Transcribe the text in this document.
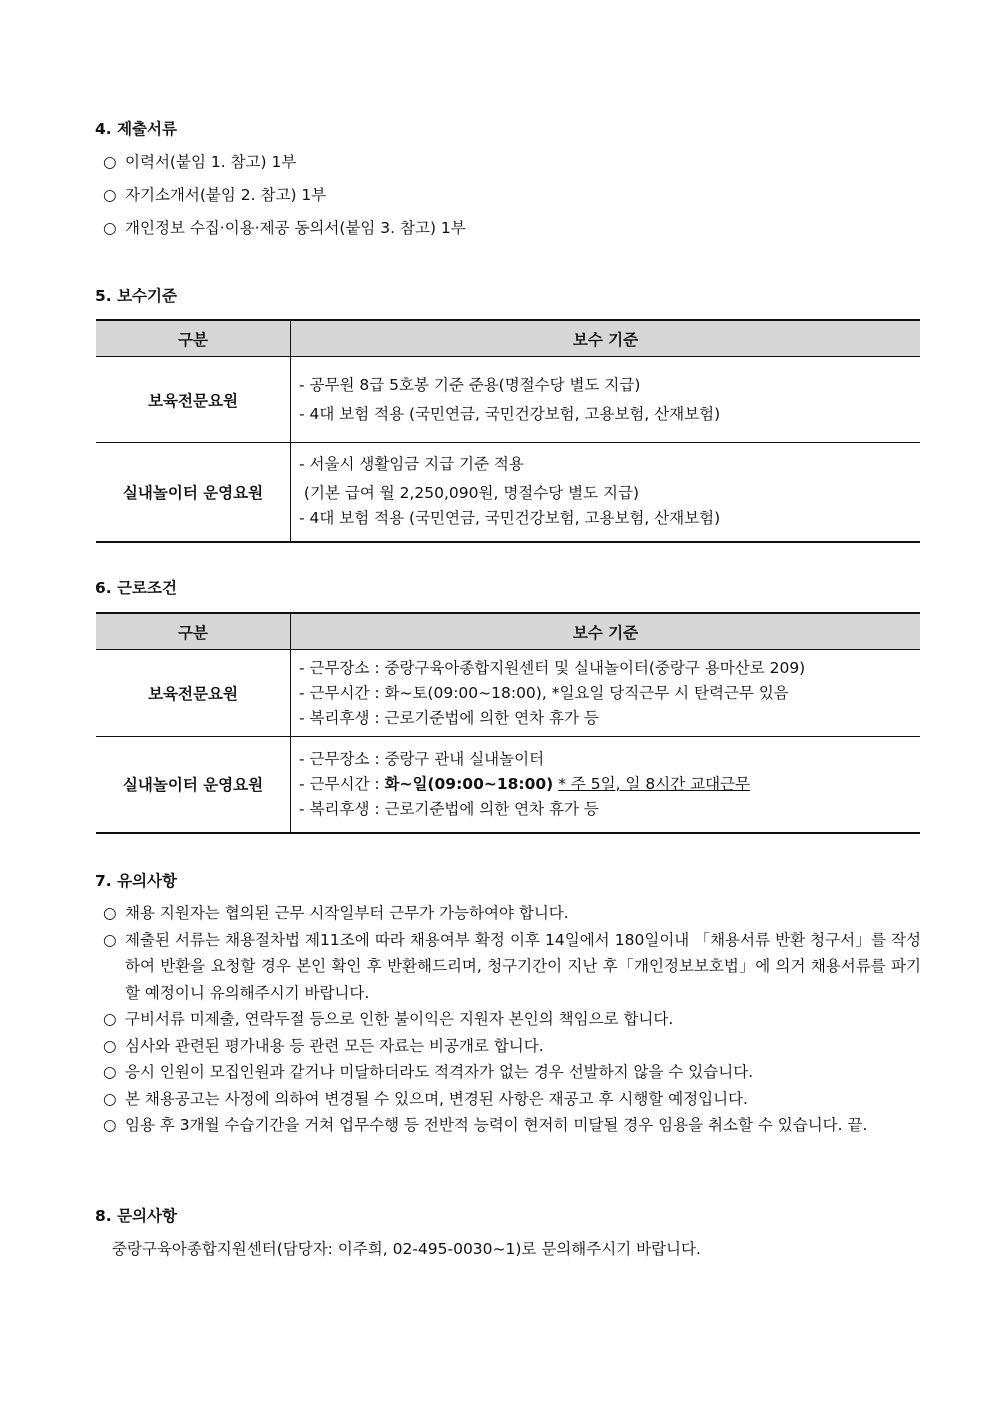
4. 제출서류
○ 이력서(붙임 1. 참고) 1부
○ 자기소개서(붙임 2. 참고) 1부
○ 개인정보 수집·이용·제공 동의서(붙임 3. 참고) 1부
5. 보수기준
구분	보수 기준
보육전문요원	- 공무원 8급 5호봉 기준 준용(명절수당 별도 지급)
- 4대 보험 적용 (국민연금, 국민건강보험, 고용보험, 산재보험)

실내놀이터 운영요원	- 서울시 생활임금 지급 기준 적용
(기본 급여 월 2,250,090원, 명절수당 별도 지급)
- 4대 보험 적용 (국민연금, 국민건강보험, 고용보험, 산재보험)
6. 근로조건
구분	보수 기준
보육전문요원	- 근무장소 : 중랑구육아종합지원센터 및 실내놀이터(중랑구 용마산로 209)
- 근무시간 : 화~토(09:00~18:00), *일요일 당직근무 시 탄력근무 있음
- 복리후생 : 근로기준법에 의한 연차 휴가 등

실내놀이터 운영요원	- 근무장소 : 중랑구 관내 실내놀이터
- 근무시간 : 화~일(09:00~18:00) * 주 5일, 일 8시간 교대근무
- 복리후생 : 근로기준법에 의한 연차 휴가 등
7. 유의사항
○ 채용 지원자는 협의된 근무 시작일부터 근무가 가능하여야 합니다.
○ 제출된 서류는 채용절차법 제11조에 따라 채용여부 확정 이후 14일에서 180일이내 「채용서류 반환 청구서」를 작성하여 반환을 요청할 경우 본인 확인 후 반환해드리며, 청구기간이 지난 후「개인정보보호법」에 의거 채용서류를 파기 할 예정이니 유의해주시기 바랍니다.
○ 구비서류 미제출, 연락두절 등으로 인한 불이익은 지원자 본인의 책임으로 합니다.
○ 심사와 관련된 평가내용 등 관련 모든 자료는 비공개로 합니다.
○ 응시 인원이 모집인원과 같거나 미달하더라도 적격자가 없는 경우 선발하지 않을 수 있습니다.
○ 본 채용공고는 사정에 의하여 변경될 수 있으며, 변경된 사항은 재공고 후 시행할 예정입니다.
○ 임용 후 3개월 수습기간을 거쳐 업무수행 등 전반적 능력이 현저히 미달될 경우 임용을 취소할 수 있습니다. 끝.
8. 문의사항
중랑구육아종합지원센터(담당자: 이주희, 02-495-0030~1)로 문의해주시기 바랍니다.
